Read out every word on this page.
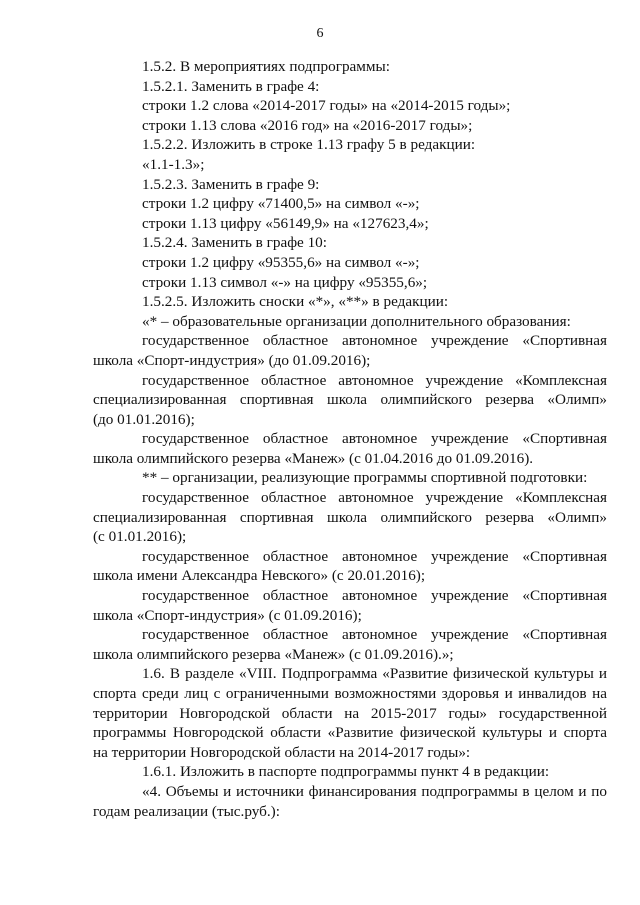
6

1.5.2. В мероприятиях подпрограммы:

1.5.2.1. Заменить в графе 4:

строки 1.2 слова «2014-2017 годы» на «2014-2015 годы»;

строки 1.13 слова «2016 год» на «2016-2017 годы»;

1.5.2.2. Изложить в строке 1.13 графу 5 в редакции:

«1.1-1.3»;

1.5.2.3. Заменить в графе 9:

строки 1.2 цифру «71400,5» на символ «-»;

строки 1.13 цифру «56149,9» на «127623,4»;

1.5.2.4. Заменить в графе 10:

строки 1.2 цифру «95355,6» на символ «-»;

строки 1.13 символ «-» на цифру «95355,6»;

1.5.2.5. Изложить сноски «*», «**» в редакции:

«* – образовательные организации дополнительного образования:

государственное областное автономное учреждение «Спортивная

школа «Спорт-индустрия» (до 01.09.2016);

государственное областное автономное учреждение «Комплексная

специализированная спортивная школа олимпийского резерва «Олимп»

(до 01.01.2016);

государственное областное автономное учреждение «Спортивная

школа олимпийского резерва «Манеж» (с 01.04.2016 до 01.09.2016).

** – организации, реализующие программы спортивной подготовки:

государственное областное автономное учреждение «Комплексная

специализированная спортивная школа олимпийского резерва «Олимп»

(с 01.01.2016);

государственное областное автономное учреждение «Спортивная

школа имени Александра Невского» (с 20.01.2016);

государственное областное автономное учреждение «Спортивная

школа «Спорт-индустрия» (с 01.09.2016);

государственное областное автономное учреждение «Спортивная

школа олимпийского резерва «Манеж» (с 01.09.2016).»;

1.6. В разделе «VIII. Подпрограмма «Развитие физической культуры и

спорта среди лиц с ограниченными возможностями здоровья и инвалидов на

территории Новгородской области на 2015-2017 годы» государственной

программы Новгородской области «Развитие физической культуры и спорта

на территории Новгородской области на 2014-2017 годы»:

1.6.1. Изложить в паспорте подпрограммы пункт 4 в редакции:

«4. Объемы и источники финансирования подпрограммы в целом и по

годам реализации (тыс.руб.):
